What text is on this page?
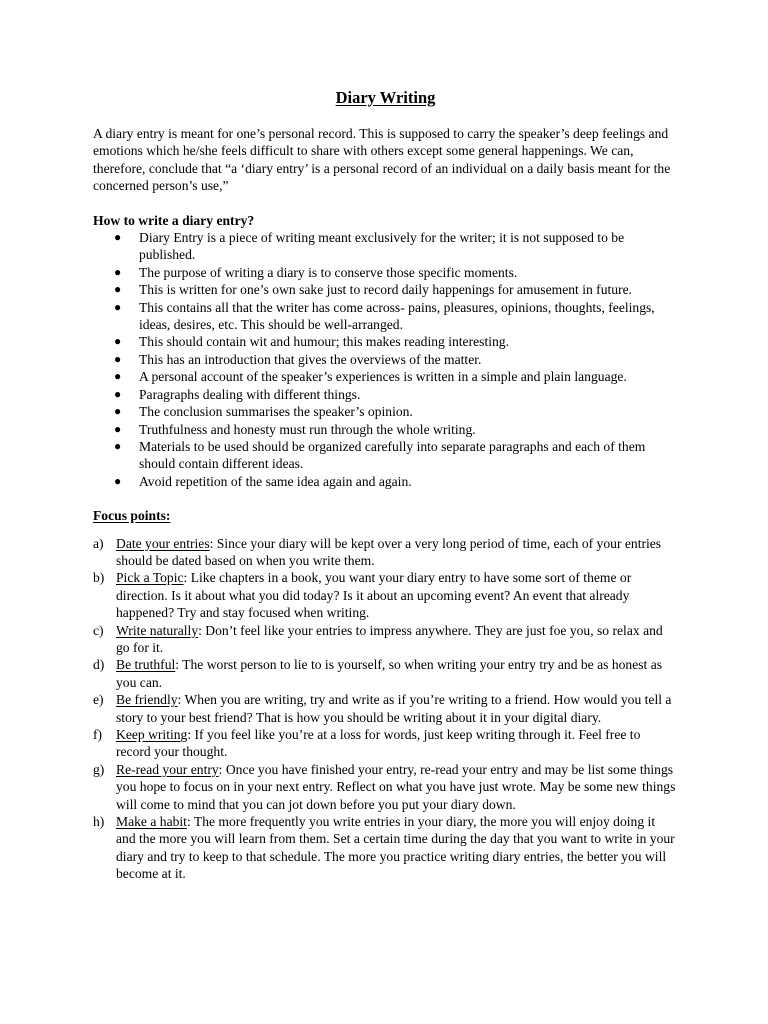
Diary Writing
A diary entry is meant for one’s personal record. This is supposed to carry the speaker’s deep feelings and emotions which he/she feels difficult to share with others except some general happenings. We can, therefore, conclude that “a ‘diary entry’ is a personal record of an individual on a daily basis meant for the concerned person’s use,”
How to write a diary entry?
● Diary Entry is a piece of writing meant exclusively for the writer; it is not supposed to be published.
● The purpose of writing a diary is to conserve those specific moments.
● This is written for one’s own sake just to record daily happenings for amusement in future.
● This contains all that the writer has come across- pains, pleasures, opinions, thoughts, feelings, ideas, desires, etc. This should be well-arranged.
● This should contain wit and humour; this makes reading interesting.
● This has an introduction that gives the overviews of the matter.
● A personal account of the speaker’s experiences is written in a simple and plain language.
● Paragraphs dealing with different things.
● The conclusion summarises the speaker’s opinion.
● Truthfulness and honesty must run through the whole writing.
● Materials to be used should be organized carefully into separate paragraphs and each of them should contain different ideas.
● Avoid repetition of the same idea again and again.
Focus points:
a) Date your entries: Since your diary will be kept over a very long period of time, each of your entries should be dated based on when you write them.
b) Pick a Topic: Like chapters in a book, you want your diary entry to have some sort of theme or direction. Is it about what you did today? Is it about an upcoming event? An event that already happened? Try and stay focused when writing.
c) Write naturally: Don’t feel like your entries to impress anywhere. They are just foe you, so relax and go for it.
d) Be truthful: The worst person to lie to is yourself, so when writing your entry try and be as honest as you can.
e) Be friendly: When you are writing, try and write as if you’re writing to a friend. How would you tell a story to your best friend? That is how you should be writing about it in your digital diary.
f) Keep writing: If you feel like you’re at a loss for words, just keep writing through it. Feel free to record your thought.
g) Re-read your entry: Once you have finished your entry, re-read your entry and may be list some things you hope to focus on in your next entry. Reflect on what you have just wrote. May be some new things will come to mind that you can jot down before you put your diary down.
h) Make a habit: The more frequently you write entries in your diary, the more you will enjoy doing it and the more you will learn from them. Set a certain time during the day that you want to write in your diary and try to keep to that schedule. The more you practice writing diary entries, the better you will become at it.
